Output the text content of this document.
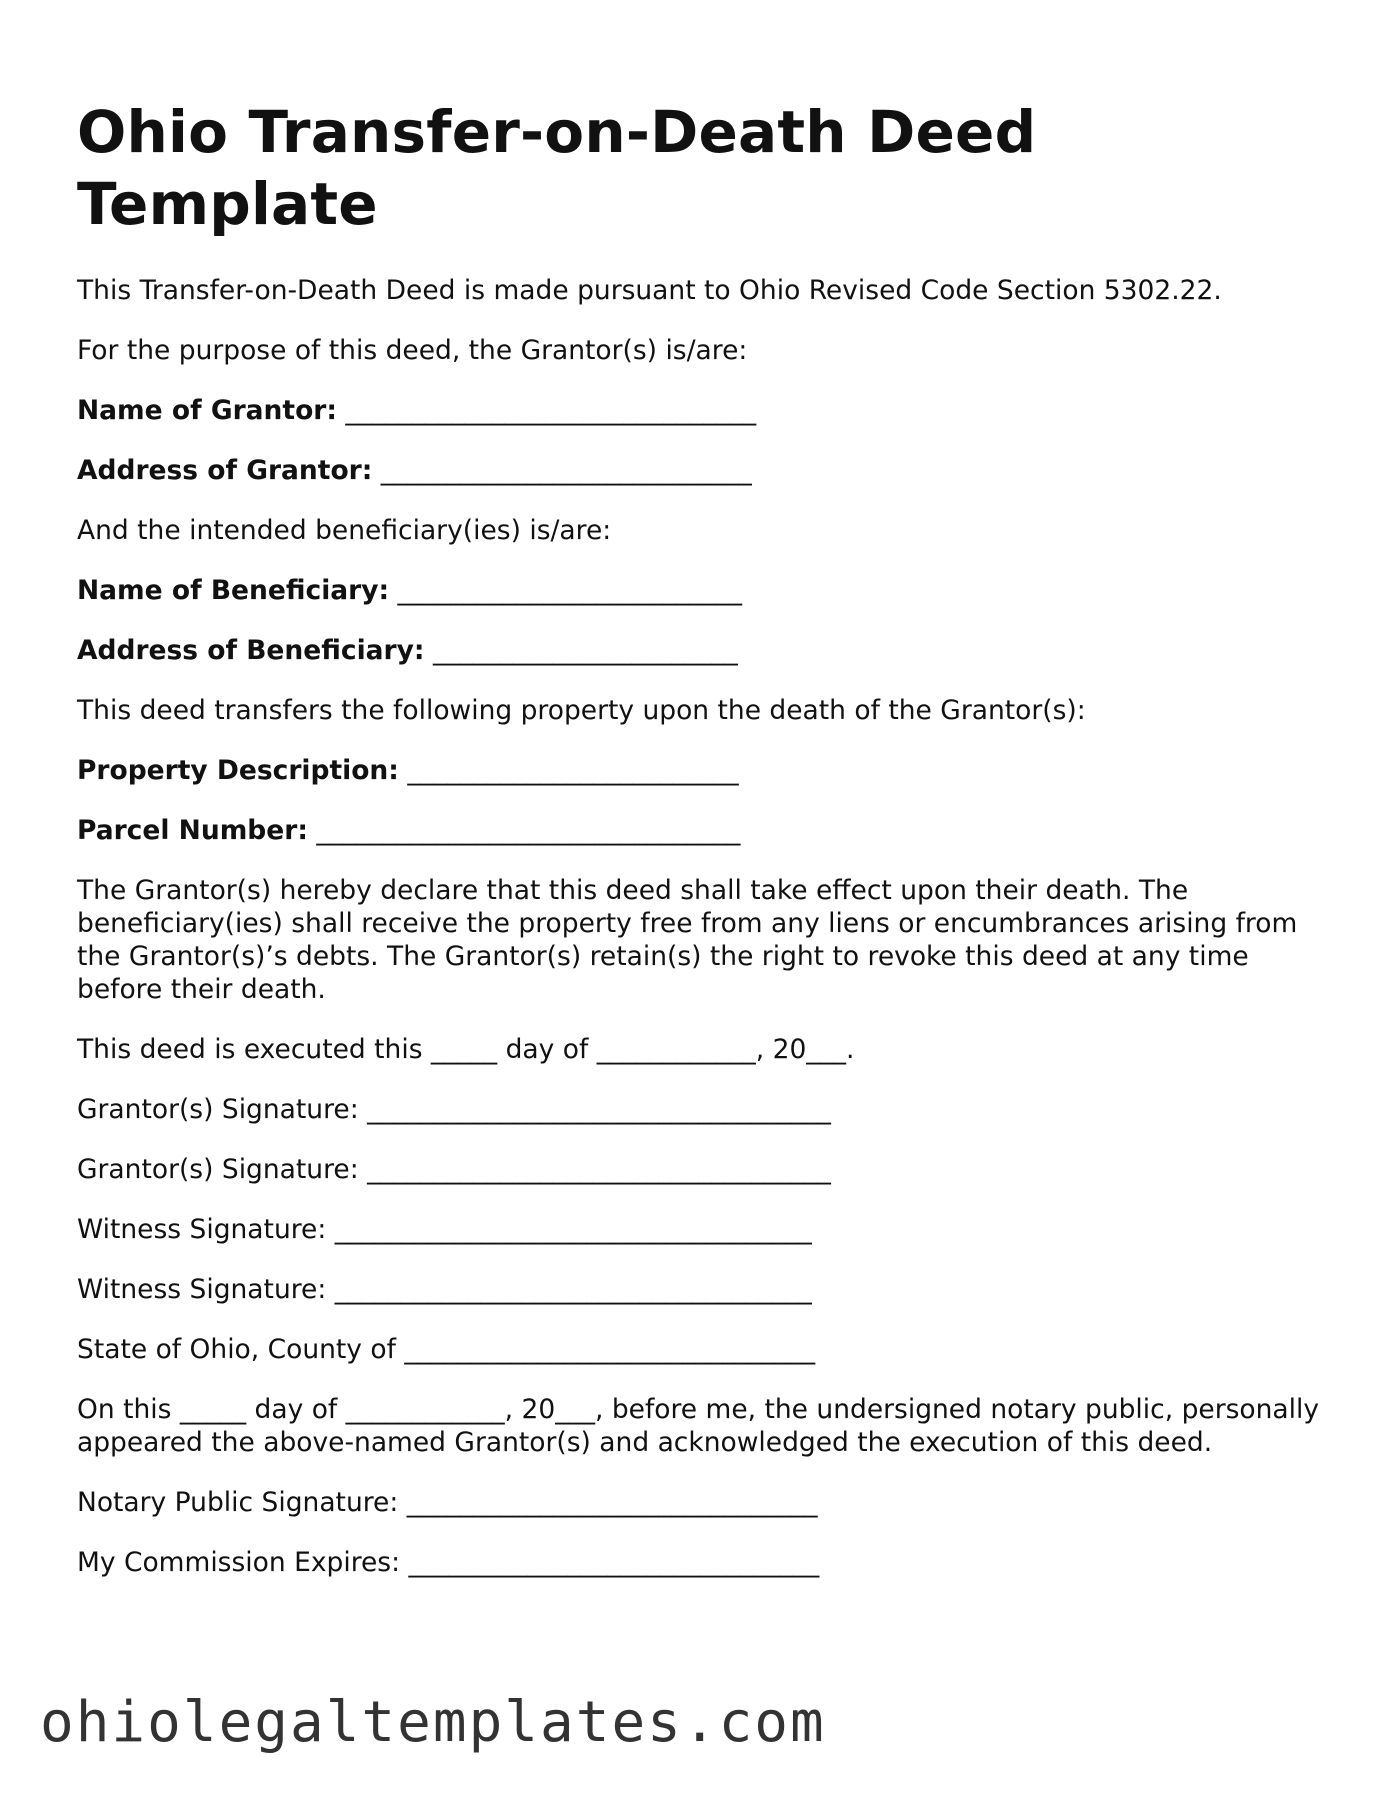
Ohio Transfer-on-Death Deed Template

This Transfer-on-Death Deed is made pursuant to Ohio Revised Code Section 5302.22.

For the purpose of this deed, the Grantor(s) is/are:

Name of Grantor: _______________________________
Address of Grantor: ____________________________

And the intended beneficiary(ies) is/are:

Name of Beneficiary: __________________________
Address of Beneficiary: _______________________

This deed transfers the following property upon the death of the Grantor(s):

Property Description: _________________________
Parcel Number: ________________________________

The Grantor(s) hereby declare that this deed shall take effect upon their death. The beneficiary(ies) shall receive the property free from any liens or encumbrances arising from the Grantor(s)’s debts. The Grantor(s) retain(s) the right to revoke this deed at any time before their death.

This deed is executed this _____ day of ____________, 20___.

Grantor(s) Signature: ___________________________________

Grantor(s) Signature: ___________________________________

Witness Signature: ____________________________________

Witness Signature: ____________________________________

State of Ohio, County of _______________________________

On this _____ day of ____________, 20___, before me, the undersigned notary public, personally appeared the above-named Grantor(s) and acknowledged the execution of this deed.

Notary Public Signature: _______________________________

My Commission Expires: _______________________________

ohiolegaltemplates.com
